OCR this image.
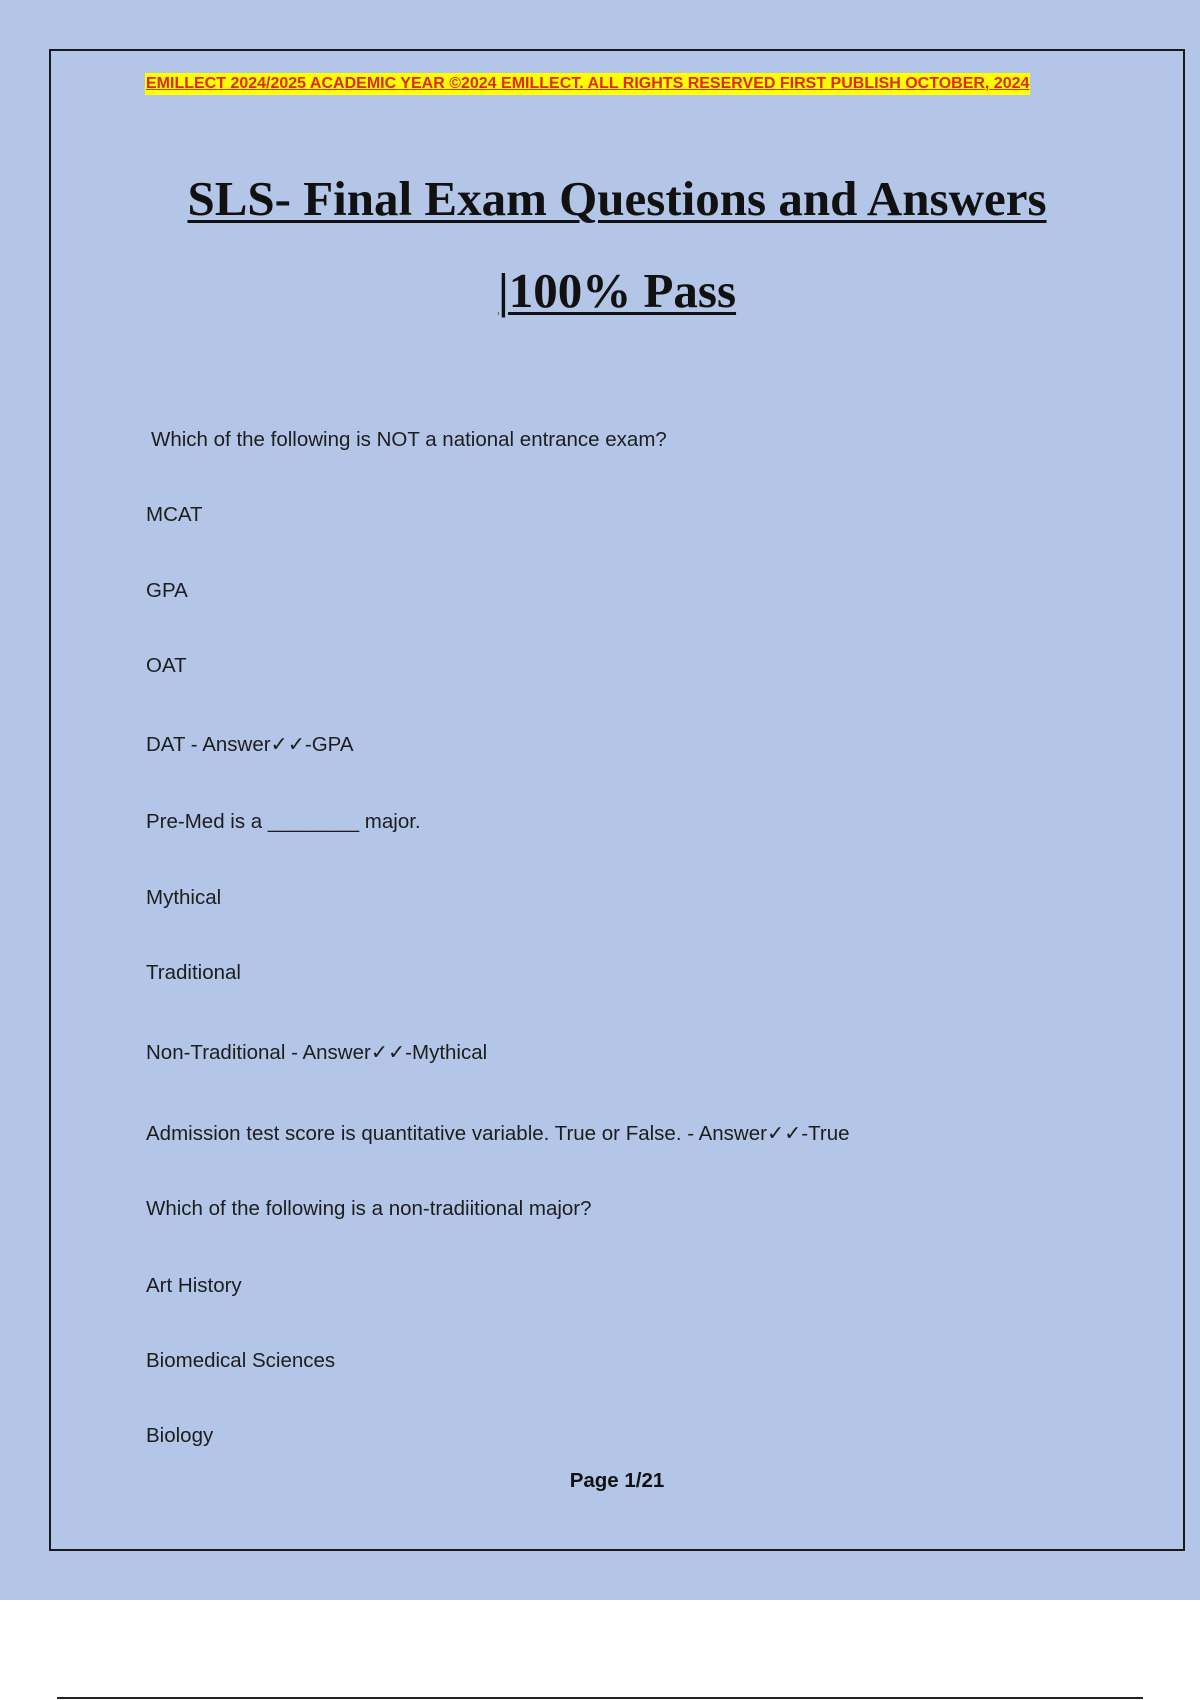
EMILLECT 2024/2025 ACADEMIC YEAR ©2024 EMILLECT. ALL RIGHTS RESERVED FIRST PUBLISH OCTOBER, 2024

SLS- Final Exam Questions and Answers
|100% Pass

Which of the following is NOT a national entrance exam?

MCAT

GPA

OAT

DAT - Answer✓✓-GPA

Pre-Med is a ________ major.

Mythical

Traditional

Non-Traditional - Answer✓✓-Mythical

Admission test score is quantitative variable. True or False. - Answer✓✓-True

Which of the following is a non-tradiitional major?

Art History

Biomedical Sciences

Biology

Page 1/21
